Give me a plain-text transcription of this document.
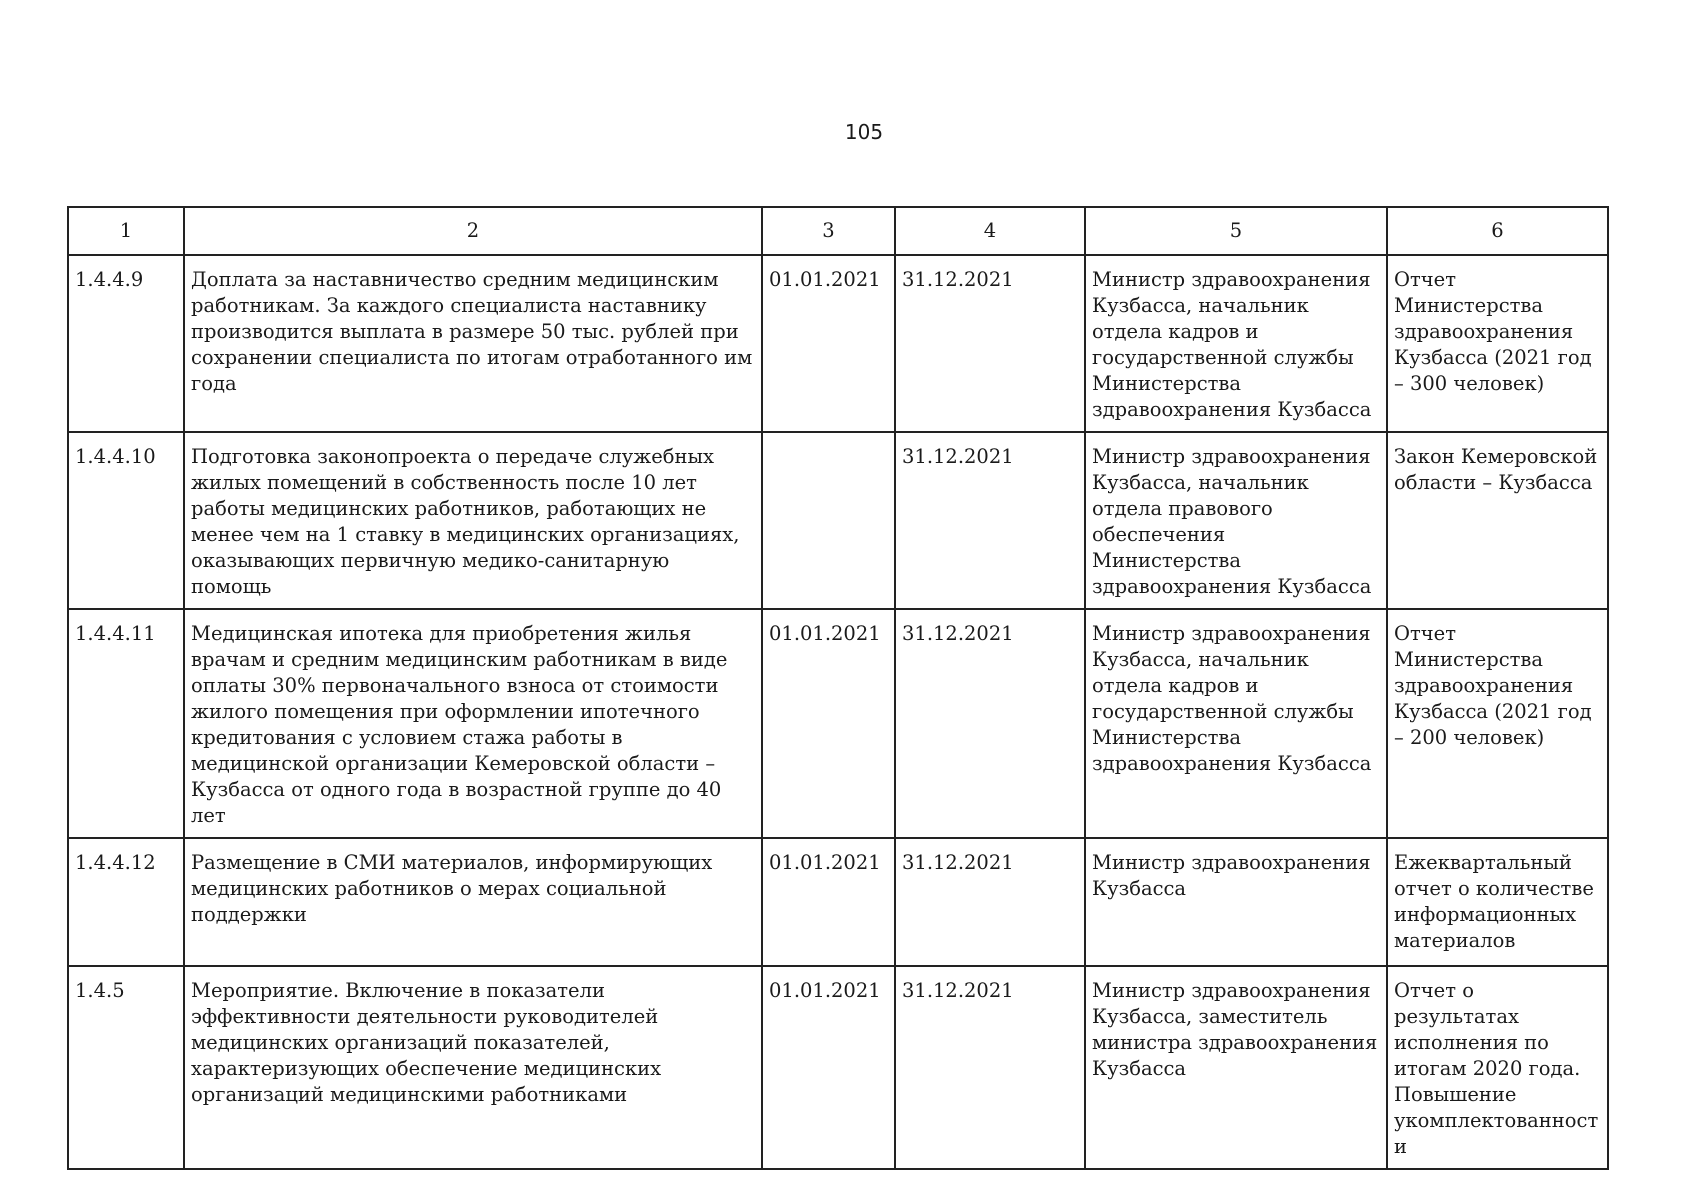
105
1	2	3	4	5	6
1.4.4.9	Доплата за наставничество средним медицинским работникам. За каждого специалиста наставнику производится выплата в размере 50 тыс. рублей при сохранении специалиста по итогам отработанного им года	01.01.2021	31.12.2021	Министр здравоохранения Кузбасса, начальник отдела кадров и государственной службы Министерства здравоохранения Кузбасса	Отчет Министерства здравоохранения Кузбасса (2021 год – 300 человек)
1.4.4.10	Подготовка законопроекта о передаче служебных жилых помещений в собственность после 10 лет работы медицинских работников, работающих не менее чем на 1 ставку в медицинских организациях, оказывающих первичную медико-санитарную помощь		31.12.2021	Министр здравоохранения Кузбасса, начальник отдела правового обеспечения Министерства здравоохранения Кузбасса	Закон Кемеровской области – Кузбасса
1.4.4.11	Медицинская ипотека для приобретения жилья врачам и средним медицинским работникам в виде оплаты 30% первоначального взноса от стоимости жилого помещения при оформлении ипотечного кредитования с условием стажа работы в медицинской организации Кемеровской области – Кузбасса от одного года в возрастной группе до 40 лет	01.01.2021	31.12.2021	Министр здравоохранения Кузбасса, начальник отдела кадров и государственной службы Министерства здравоохранения Кузбасса	Отчет Министерства здравоохранения Кузбасса (2021 год – 200 человек)
1.4.4.12	Размещение в СМИ материалов, информирующих медицинских работников о мерах социальной поддержки	01.01.2021	31.12.2021	Министр здравоохранения Кузбасса	Ежеквартальный отчет о количестве информационных материалов
1.4.5	Мероприятие. Включение в показатели эффективности деятельности руководителей медицинских организаций показателей, характеризующих обеспечение медицинских организаций медицинскими работниками	01.01.2021	31.12.2021	Министр здравоохранения Кузбасса, заместитель министра здравоохранения Кузбасса	Отчет о результатах исполнения по итогам 2020 года. Повышение укомплектованности
